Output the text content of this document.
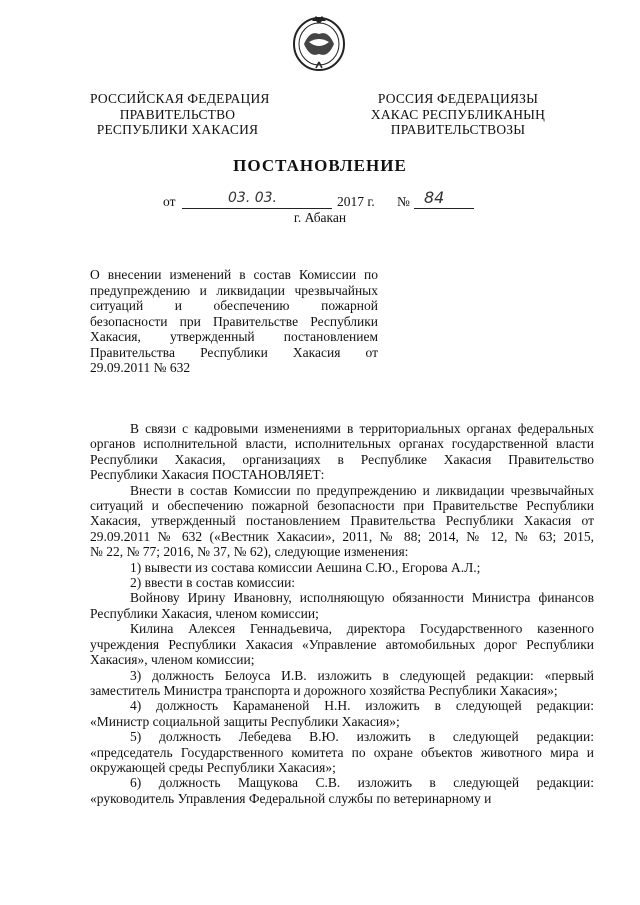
РОССИЙСКАЯ ФЕДЕРАЦИЯ
ПРАВИТЕЛЬСТВО
РЕСПУБЛИКИ ХАКАСИЯ
РОССИЯ ФЕДЕРАЦИЯЗЫ
ХАКАС РЕСПУБЛИКАНЫҢ
ПРАВИТЕЛЬСТВОЗЫ
ПОСТАНОВЛЕНИЕ
от	03. 03.	2017 г. № 84
г. Абакан
О внесении изменений в состав Комиссии по
предупреждению и ликвидации чрезвычайных
ситуаций и обеспечению пожарной
безопасности при Правительстве Республики
Хакасия, утвержденный постановлением
Правительства Республики Хакасия от
29.09.2011 № 632
В связи с кадровыми изменениями в территориальных органах федеральных
органов исполнительной власти, исполнительных органах государственной власти
Республики Хакасия, организациях в Республике Хакасия Правительство
Республики Хакасия ПОСТАНОВЛЯЕТ:
Внести в состав Комиссии по предупреждению и ликвидации чрезвычайных
ситуаций и обеспечению пожарной безопасности при Правительстве Республики
Хакасия, утвержденный постановлением Правительства Республики Хакасия от
29.09.2011 № 632 («Вестник Хакасии», 2011, № 88; 2014, № 12, № 63; 2015,
№ 22, № 77; 2016, № 37, № 62), следующие изменения:
1) вывести из состава комиссии Аешина С.Ю., Егорова А.Л.;
2) ввести в состав комиссии:
Войнову Ирину Ивановну, исполняющую обязанности Министра финансов
Республики Хакасия, членом комиссии;
Килина Алексея Геннадьевича, директора Государственного казенного
учреждения Республики Хакасия «Управление автомобильных дорог Республики
Хакасия», членом комиссии;
3) должность Белоуса И.В. изложить в следующей редакции: «первый
заместитель Министра транспорта и дорожного хозяйства Республики Хакасия»;
4) должность Караманеной Н.Н. изложить в следующей редакции:
«Министр социальной защиты Республики Хакасия»;
5) должность Лебедева В.Ю. изложить в следующей редакции:
«председатель Государственного комитета по охране объектов животного мира и
окружающей среды Республики Хакасия»;
6) должность Мащукова С.В. изложить в следующей редакции:
«руководитель Управления Федеральной службы по ветеринарному и
